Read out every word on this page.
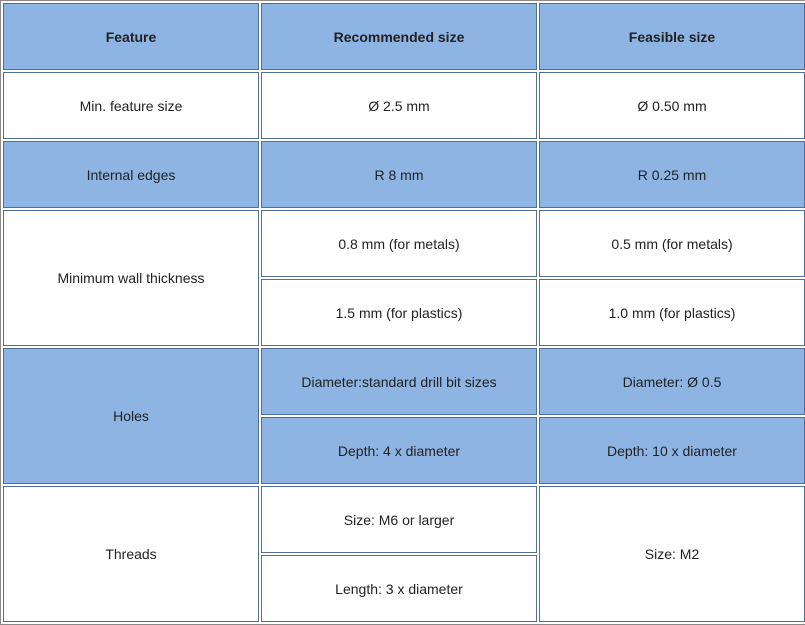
Feature	Recommended size	Feasible size
Min. feature size	Ø 2.5 mm	Ø 0.50 mm
Internal edges	R 8 mm	R 0.25 mm
Minimum wall thickness	0.8 mm (for metals)	0.5 mm (for metals)
	1.5 mm (for plastics)	1.0 mm (for plastics)
Holes	Diameter:standard drill bit sizes	Diameter: Ø 0.5
	Depth: 4 x diameter	Depth: 10 x diameter
Threads	Size: M6 or larger	Size: M2
	Length: 3 x diameter	
